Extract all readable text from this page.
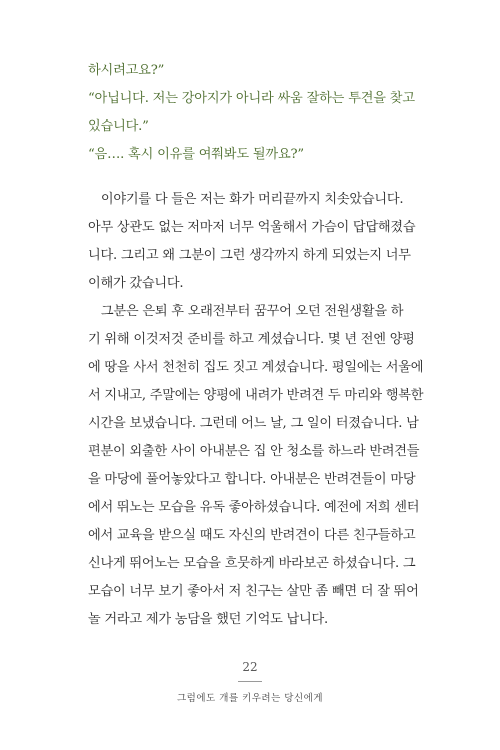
하시려고요?”

“아닙니다. 저는 강아지가 아니라 싸움 잘하는 투견을 찾고

있습니다.”

“음…. 혹시 이유를 여쭤봐도 될까요?”

　이야기를 다 들은 저는 화가 머리끝까지 치솟았습니다.
아무 상관도 없는 저마저 너무 억울해서 가슴이 답답해졌습
니다. 그리고 왜 그분이 그런 생각까지 하게 되었는지 너무
이해가 갔습니다.
　그분은 은퇴 후 오래전부터 꿈꾸어 오던 전원생활을 하
기 위해 이것저것 준비를 하고 계셨습니다. 몇 년 전엔 양평
에 땅을 사서 천천히 집도 짓고 계셨습니다. 평일에는 서울에
서 지내고, 주말에는 양평에 내려가 반려견 두 마리와 행복한
시간을 보냈습니다. 그런데 어느 날, 그 일이 터졌습니다. 남
편분이 외출한 사이 아내분은 집 안 청소를 하느라 반려견들
을 마당에 풀어놓았다고 합니다. 아내분은 반려견들이 마당
에서 뛰노는 모습을 유독 좋아하셨습니다. 예전에 저희 센터
에서 교육을 받으실 때도 자신의 반려견이 다른 친구들하고
신나게 뛰어노는 모습을 흐뭇하게 바라보곤 하셨습니다. 그
모습이 너무 보기 좋아서 저 친구는 살만 좀 빼면 더 잘 뛰어
놀 거라고 제가 농담을 했던 기억도 납니다.
22
그럼에도 개를 키우려는 당신에게
